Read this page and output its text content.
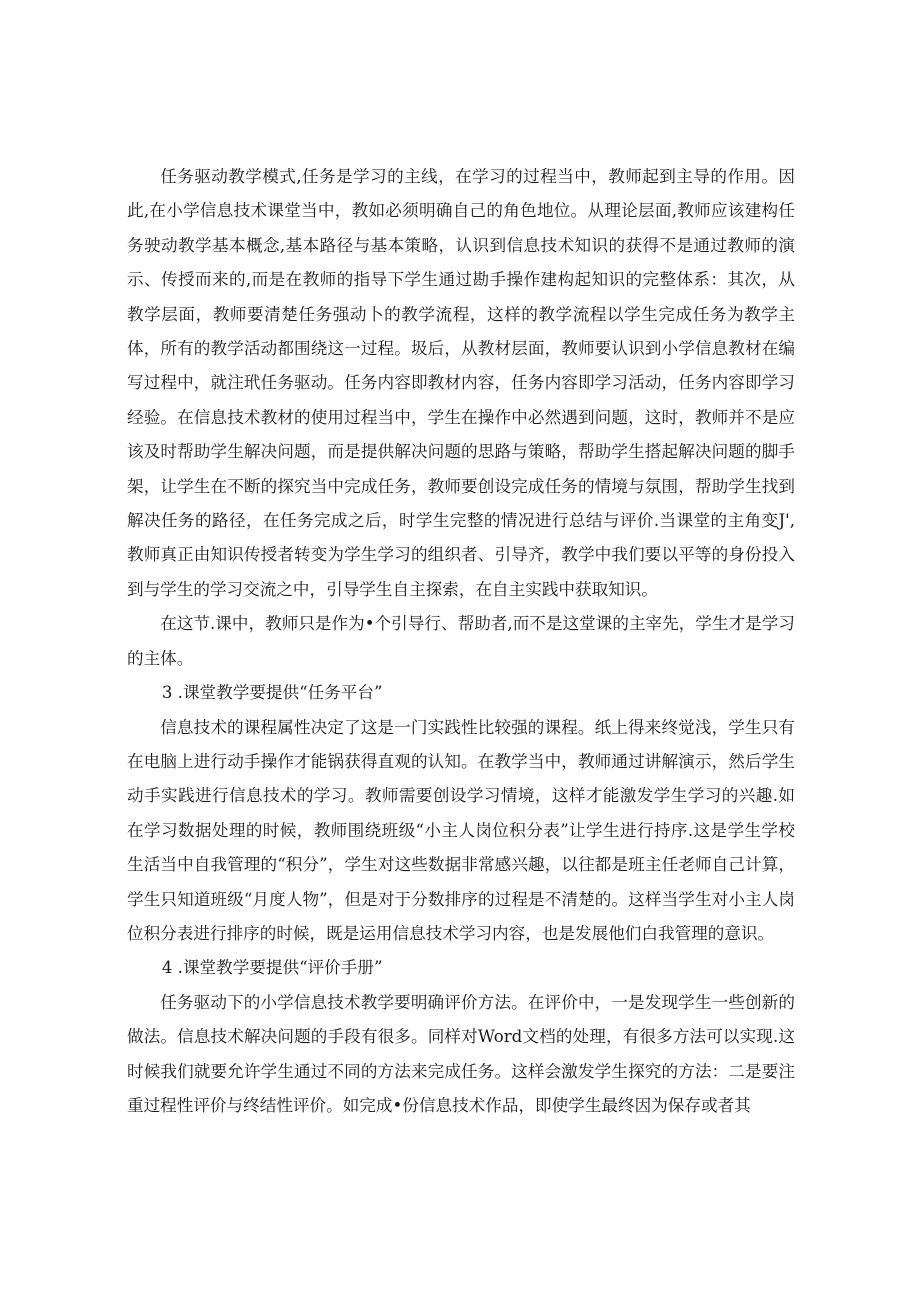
任务驱动教学模式,任务是学习的主线，在学习的过程当中，教师起到主导的作用。因此,在小学信息技术课堂当中，教如必须明确自己的角色地位。从理论层面,教师应该建构任务驶动教学基本概念,基本路径与基本策略，认识到信息技术知识的获得不是通过教师的演示、传授而来的,而是在教师的指导下学生通过勘手操作建构起知识的完整体系：其次，从教学层面，教师要清楚任务强动卜的教学流程，这样的教学流程以学生完成任务为教学主体，所有的教学活动都围绕这一过程。圾后，从教材层面，教师要认识到小学信息教材在编写过程中，就注玳任务驱动。任务内容即教材内容，任务内容即学习活动，任务内容即学习经验。在信息技术教材的使用过程当中，学生在操作中必然遇到问题，这时，教师并不是应该及时帮助学生解决问题，而是提供解决问题的思路与策略，帮助学生搭起解决问题的脚手架，让学生在不断的探究当中完成任务，教师要创设完成任务的情境与氛围，帮助学生找到解决任务的路径，在任务完成之后，时学生完整的情况进行总结与评价.当课堂的主角变J',教师真正由知识传授者转变为学生学习的组织者、引导齐，教学中我们要以平等的身份投入到与学生的学习交流之中，引导学生自主探索，在自主实践中获取知识。

在这节.课中，教师只是作为•个引导行、帮助者,而不是这堂课的主宰先，学生才是学习的主体。

3 .课堂教学要提供“任务平台”

信息技术的课程属性决定了这是一门实践性比较强的课程。纸上得来终觉浅，学生只有在电脑上进行动手操作才能锅获得直观的认知。在教学当中，教师通过讲解演示，然后学生动手实践进行信息技术的学习。教师需要创设学习情境，这样才能激发学生学习的兴趣.如在学习数据处理的时候，教师围绕班级“小主人岗位积分表”让学生进行持序.这是学生学校生活当中自我管理的“积分”，学生对这些数据非常感兴趣，以往都是班主任老师自己计算，学生只知道班级“月度人物”，但是对于分数排序的过程是不清楚的。这样当学生对小主人岗位积分表进行排序的时候，既是运用信息技术学习内容，也是发展他们白我管理的意识。

4 .课堂教学要提供“评价手册”

任务驱动下的小学信息技术教学要明确评价方法。在评价中，一是发现学生一些创新的做法。信息技术解决问题的手段有很多。同样对Word文档的处理，有很多方法可以实现.这时候我们就要允许学生通过不同的方法来完成任务。这样会激发学生探究的方法：二是要注重过程性评价与终结性评价。如完成•份信息技术作品，即使学生最终因为保存或者其
